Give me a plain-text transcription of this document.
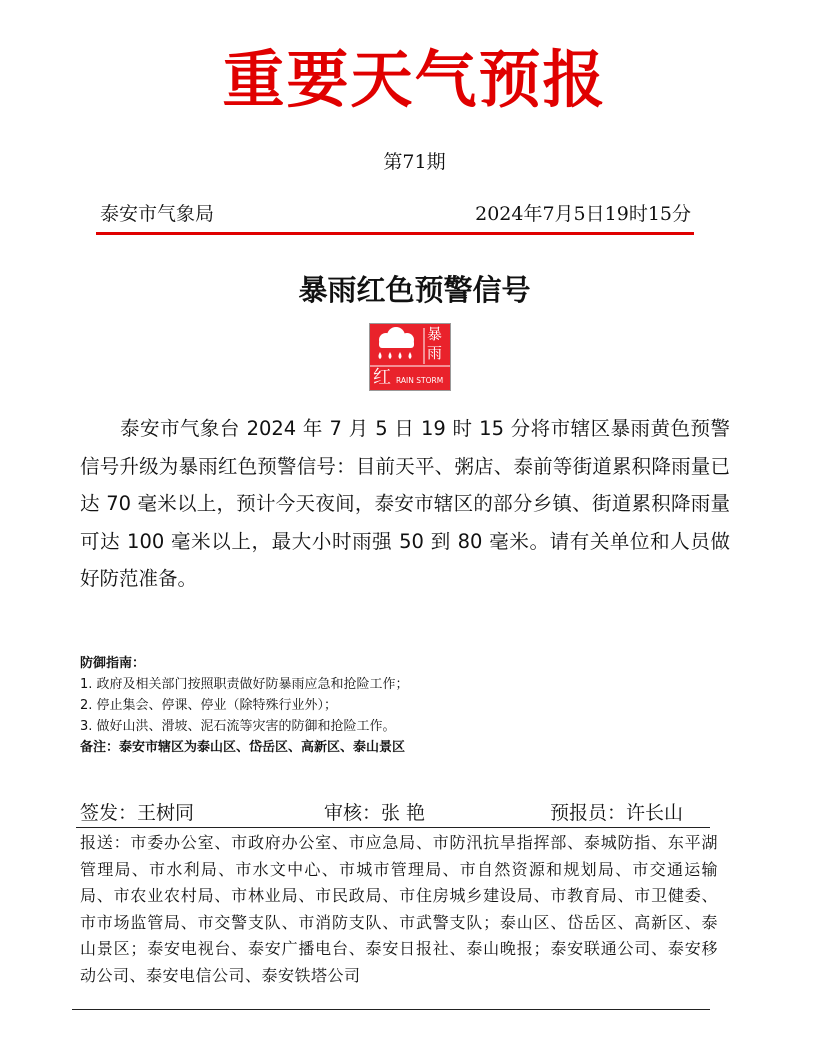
重要天气预报
第71期
泰安市气象局	2024年7月5日19时15分
暴雨红色预警信号
暴
雨
红 RAIN STORM

泰安市气象台 2024 年 7 月 5 日 19 时 15 分将市辖区暴雨黄色预警信号升级为暴雨红色预警信号：目前天平、粥店、泰前等街道累积降雨量已达 70 毫米以上，预计今天夜间，泰安市辖区的部分乡镇、街道累积降雨量可达 100 毫米以上，最大小时雨强 50 到 80 毫米。请有关单位和人员做好防范准备。

防御指南：
1. 政府及相关部门按照职责做好防暴雨应急和抢险工作；
2. 停止集会、停课、停业（除特殊行业外）；
3. 做好山洪、滑坡、泥石流等灾害的防御和抢险工作。
备注：泰安市辖区为泰山区、岱岳区、高新区、泰山景区
签发：王树同	审核：张 艳	预报员：许长山

报送：市委办公室、市政府办公室、市应急局、市防汛抗旱指挥部、泰城防指、东平湖管理局、市水利局、市水文中心、市城市管理局、市自然资源和规划局、市交通运输局、市农业农村局、市林业局、市民政局、市住房城乡建设局、市教育局、市卫健委、市市场监管局、市交警支队、市消防支队、市武警支队；泰山区、岱岳区、高新区、泰山景区；泰安电视台、泰安广播电台、泰安日报社、泰山晚报；泰安联通公司、泰安移动公司、泰安电信公司、泰安铁塔公司
